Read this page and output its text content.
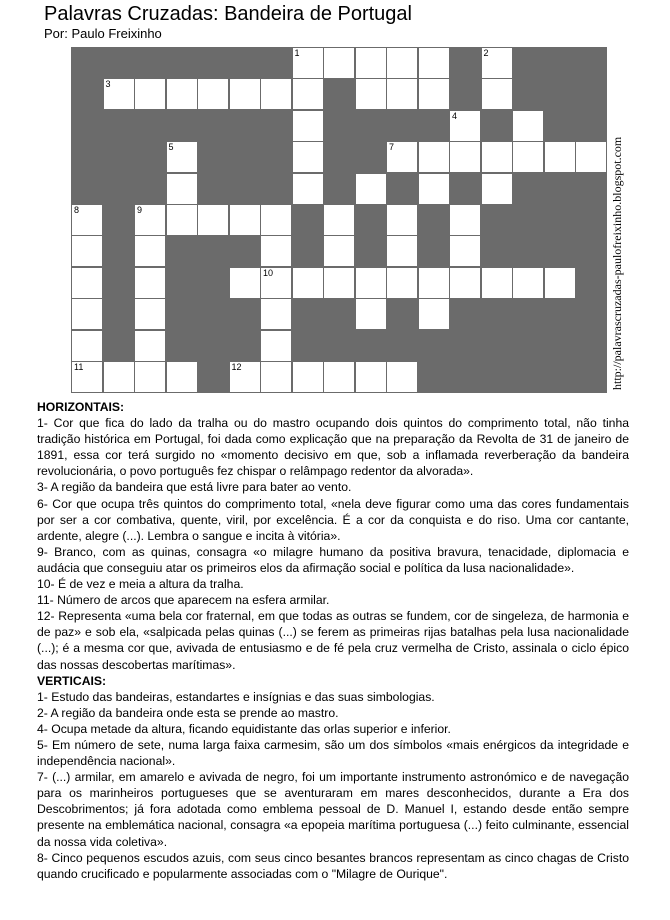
Palavras Cruzadas: Bandeira de Portugal
Por: Paulo Freixinho
1	2
3
4
5	7
8	9
10
11	12	http://palavrascruzadas-paulofreixinho.blogspot.com
HORIZONTAIS:
1- Cor que fica do lado da tralha ou do mastro ocupando dois quintos do comprimento total, não tinha tradição histórica em Portugal, foi dada como explicação que na preparação da Revolta de 31 de janeiro de 1891, essa cor terá surgido no «momento decisivo em que, sob a inflamada reverberação da bandeira revolucionária, o povo português fez chispar o relâmpago redentor da alvorada».
3- A região da bandeira que está livre para bater ao vento.
6- Cor que ocupa três quintos do comprimento total, «nela deve figurar como uma das cores fundamentais por ser a cor combativa, quente, viril, por excelência. É a cor da conquista e do riso. Uma cor cantante, ardente, alegre (...). Lembra o sangue e incita à vitória».
9- Branco, com as quinas, consagra «o milagre humano da positiva bravura, tenacidade, diplomacia e audácia que conseguiu atar os primeiros elos da afirmação social e política da lusa nacionalidade».
10- É de vez e meia a altura da tralha.
11- Número de arcos que aparecem na esfera armilar.
12- Representa «uma bela cor fraternal, em que todas as outras se fundem, cor de singeleza, de harmonia e de paz» e sob ela, «salpicada pelas quinas (...) se ferem as primeiras rijas batalhas pela lusa nacionalidade (...); é a mesma cor que, avivada de entusiasmo e de fé pela cruz vermelha de Cristo, assinala o ciclo épico das nossas descobertas marítimas».
VERTICAIS:
1- Estudo das bandeiras, estandartes e insígnias e das suas simbologias.
2- A região da bandeira onde esta se prende ao mastro.
4- Ocupa metade da altura, ficando equidistante das orlas superior e inferior.
5- Em número de sete, numa larga faixa carmesim, são um dos símbolos «mais enérgicos da integridade e independência nacional».
7- (...) armilar, em amarelo e avivada de negro, foi um importante instrumento astronómico e de navegação para os marinheiros portugueses que se aventuraram em mares desconhecidos, durante a Era dos Descobrimentos; já fora adotada como emblema pessoal de D. Manuel I, estando desde então sempre presente na emblemática nacional, consagra «a epopeia marítima portuguesa (...) feito culminante, essencial da nossa vida coletiva».
8- Cinco pequenos escudos azuis, com seus cinco besantes brancos representam as cinco chagas de Cristo quando crucificado e popularmente associadas com o "Milagre de Ourique".
